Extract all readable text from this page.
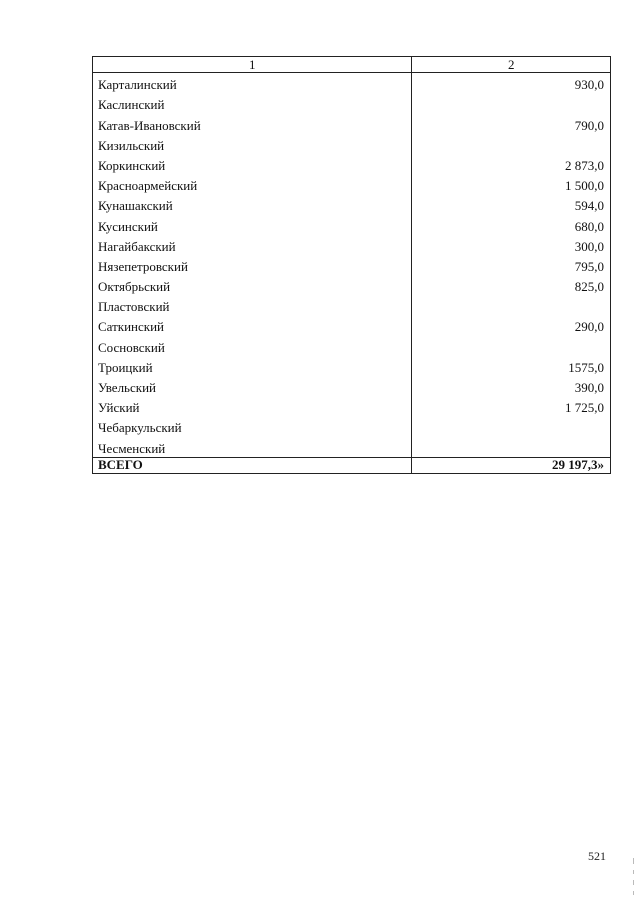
1	2
Карталинский	930,0
Каслинский	
Катав-Ивановский	790,0
Кизильский	
Коркинский	2 873,0
Красноармейский	1 500,0
Кунашакский	594,0
Кусинский	680,0
Нагайбакский	300,0
Нязепетровский	795,0
Октябрьский	825,0
Пластовский	
Саткинский	290,0
Сосновский	
Троицкий	1575,0
Увельский	390,0
Уйский	1 725,0
Чебаркульский	
Чесменский	
ВСЕГО	29 197,3»
521
